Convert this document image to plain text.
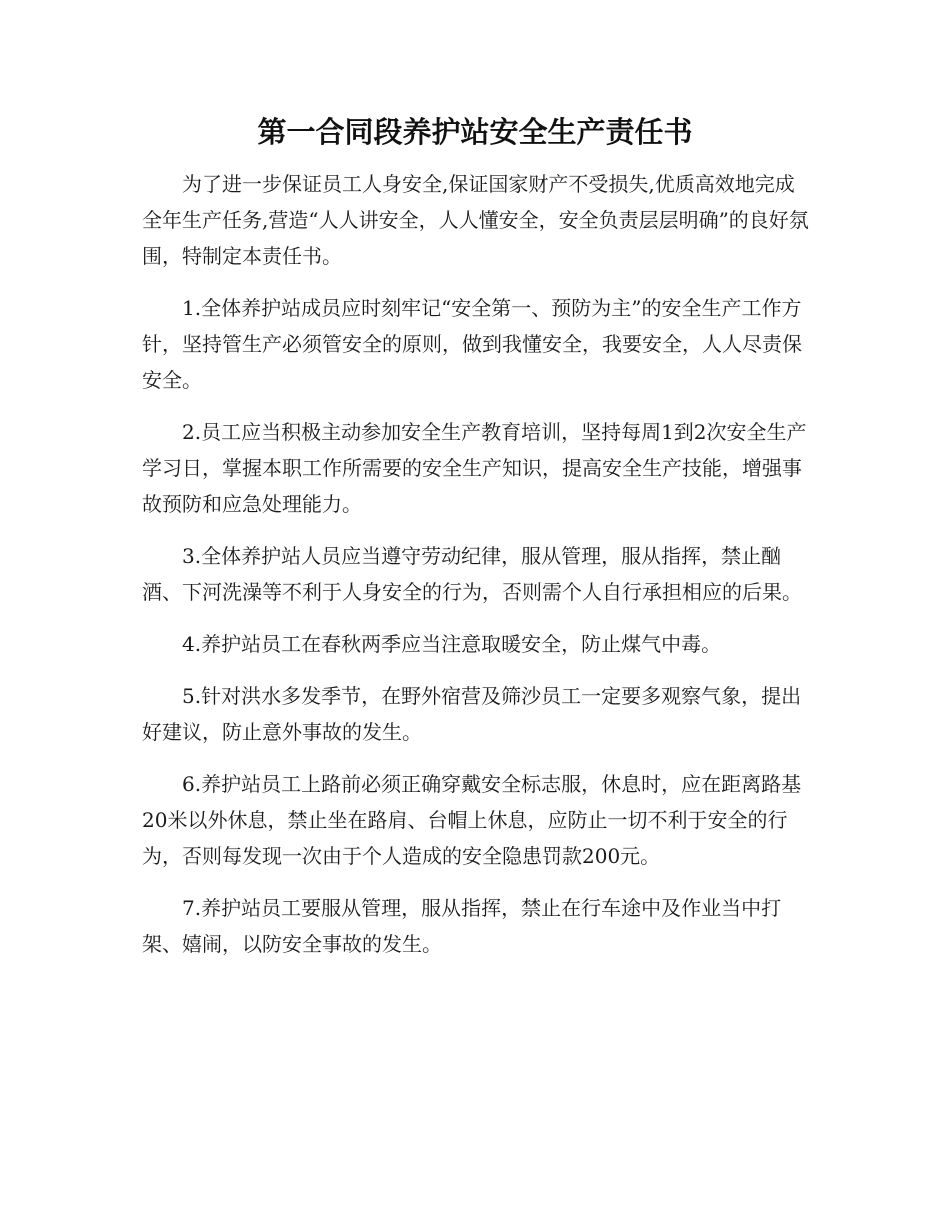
第一合同段养护站安全生产责任书

为了进一步保证员工人身安全,保证国家财产不受损失,优质高效地完成全年生产任务,营造“人人讲安全，人人懂安全，安全负责层层明确”的良好氛围，特制定本责任书。

1.全体养护站成员应时刻牢记“安全第一、预防为主”的安全生产工作方针，坚持管生产必须管安全的原则，做到我懂安全，我要安全，人人尽责保安全。

2.员工应当积极主动参加安全生产教育培训，坚持每周1到2次安全生产学习日，掌握本职工作所需要的安全生产知识，提高安全生产技能，增强事故预防和应急处理能力。

3.全体养护站人员应当遵守劳动纪律，服从管理，服从指挥，禁止酗酒、下河洗澡等不利于人身安全的行为，否则需个人自行承担相应的后果。

4.养护站员工在春秋两季应当注意取暖安全，防止煤气中毒。

5.针对洪水多发季节，在野外宿营及筛沙员工一定要多观察气象，提出好建议，防止意外事故的发生。

6.养护站员工上路前必须正确穿戴安全标志服，休息时，应在距离路基20米以外休息，禁止坐在路肩、台帽上休息，应防止一切不利于安全的行为，否则每发现一次由于个人造成的安全隐患罚款200元。

7.养护站员工要服从管理，服从指挥，禁止在行车途中及作业当中打架、嬉闹，以防安全事故的发生。
